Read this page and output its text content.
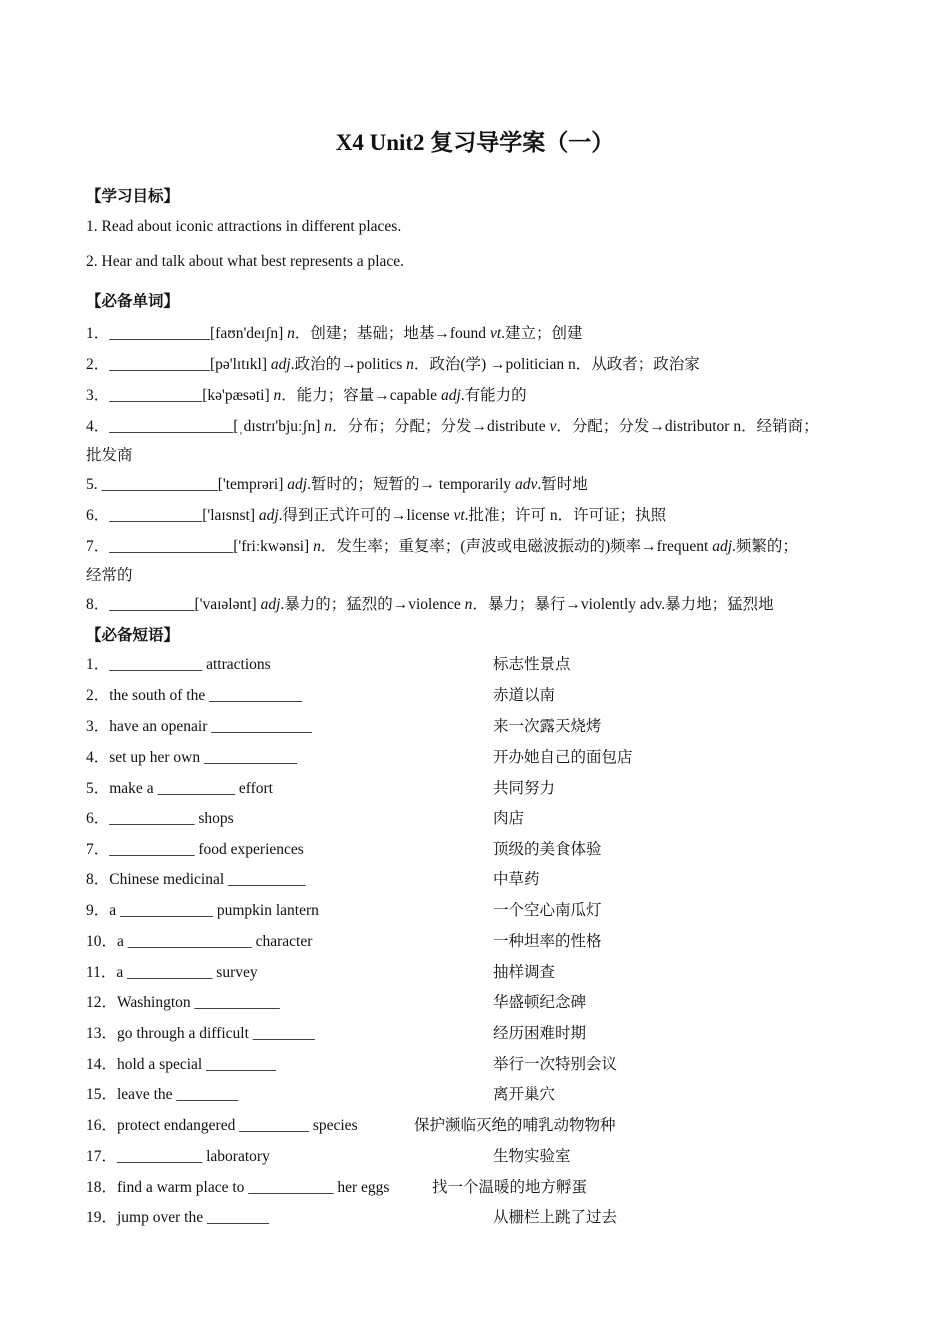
X4 Unit2 复习导学案（一）
【学习目标】
1. Read about iconic attractions in different places.
2. Hear and talk about what best represents a place.
【必备单词】
1．_____________[faʊn'deɪʃn] n．创建；基础；地基→found vt.建立；创建
2．_____________[pə'lɪtɪkl] adj.政治的→politics n．政治(学) →politician n．从政者；政治家
3．____________[kə'pæsəti] n．能力；容量→capable adj.有能力的
4．________________[ˌdɪstrɪ'bjuːʃn] n．分布；分配；分发→distribute v．分配；分发→distributor n．经销商；
批发商
5. _______________['temprəri] adj.暂时的；短暂的→ temporarily adv.暂时地
6．____________['laɪsnst] adj.得到正式许可的→license vt.批准；许可 n．许可证；执照
7．________________['friːkwənsi] n．发生率；重复率；(声波或电磁波振动的)频率→frequent adj.频繁的；
经常的
8．___________['vaɪələnt] adj.暴力的；猛烈的→violence n．暴力；暴行→violently adv.暴力地；猛烈地
【必备短语】
1．____________ attractions	标志性景点
2．the south of the ____________	赤道以南
3．have an openair _____________	来一次露天烧烤
4．set up her own ____________	开办她自己的面包店
5．make a __________ effort	共同努力
6．___________ shops	肉店
7．___________ food experiences	顶级的美食体验
8．Chinese medicinal __________	中草药
9．a ____________ pumpkin lantern	一个空心南瓜灯
10．a ________________ character	一种坦率的性格
11．a ___________ survey	抽样调查
12．Washington ___________	华盛顿纪念碑
13．go through a difficult ________	经历困难时期
14．hold a special _________	举行一次特别会议
15．leave the ________	离开巢穴
16．protect endangered _________ species	保护濒临灭绝的哺乳动物物种
17．___________ laboratory	生物实验室
18．find a warm place to ___________ her eggs	找一个温暖的地方孵蛋
19．jump over the ________	从栅栏上跳了过去
